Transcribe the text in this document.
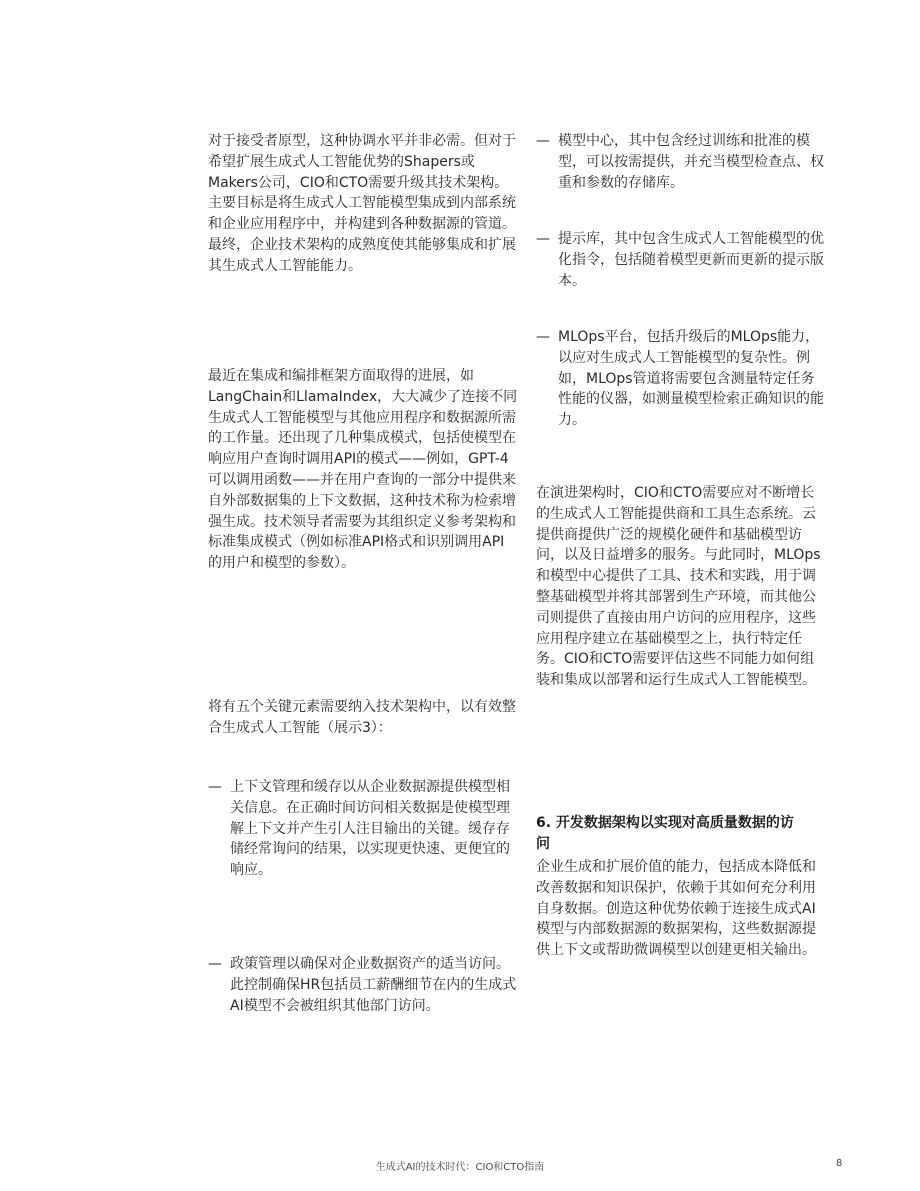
对于接受者原型，这种协调水平并非必需。但对于希望扩展生成式人工智能优势的Shapers或Makers公司，CIO和CTO需要升级其技术架构。主要目标是将生成式人工智能模型集成到内部系统和企业应用程序中，并构建到各种数据源的管道。最终，企业技术架构的成熟度使其能够集成和扩展其生成式人工智能能力。

最近在集成和编排框架方面取得的进展，如LangChain和LlamaIndex，大大减少了连接不同生成式人工智能模型与其他应用程序和数据源所需的工作量。还出现了几种集成模式，包括使模型在响应用户查询时调用API的模式——例如，GPT-4可以调用函数——并在用户查询的一部分中提供来自外部数据集的上下文数据，这种技术称为检索增强生成。技术领导者需要为其组织定义参考架构和标准集成模式（例如标准API格式和识别调用API的用户和模型的参数）。

将有五个关键元素需要纳入技术架构中，以有效整合生成式人工智能（展示3）：

— 上下文管理和缓存以从企业数据源提供模型相关信息。在正确时间访问相关数据是使模型理解上下文并产生引人注目输出的关键。缓存存储经常询问的结果，以实现更快速、更便宜的响应。
— 政策管理以确保对企业数据资产的适当访问。此控制确保HR包括员工薪酬细节在内的生成式AI模型不会被组织其他部门访问。
— 模型中心，其中包含经过训练和批准的模型，可以按需提供，并充当模型检查点、权重和参数的存储库。
— 提示库，其中包含生成式人工智能模型的优化指令，包括随着模型更新而更新的提示版本。
— MLOps平台，包括升级后的MLOps能力，以应对生成式人工智能模型的复杂性。例如，MLOps管道将需要包含测量特定任务性能的仪器，如测量模型检索正确知识的能力。

在演进架构时，CIO和CTO需要应对不断增长的生成式人工智能提供商和工具生态系统。云提供商提供广泛的规模化硬件和基础模型访问，以及日益增多的服务。与此同时，MLOps和模型中心提供了工具、技术和实践，用于调整基础模型并将其部署到生产环境，而其他公司则提供了直接由用户访问的应用程序，这些应用程序建立在基础模型之上，执行特定任务。CIO和CTO需要评估这些不同能力如何组装和集成以部署和运行生成式人工智能模型。

6. 开发数据架构以实现对高质量数据的访问

企业生成和扩展价值的能力，包括成本降低和改善数据和知识保护，依赖于其如何充分利用自身数据。创造这种优势依赖于连接生成式AI模型与内部数据源的数据架构，这些数据源提供上下文或帮助微调模型以创建更相关输出。

生成式AI的技术时代：CIO和CTO指南	8
